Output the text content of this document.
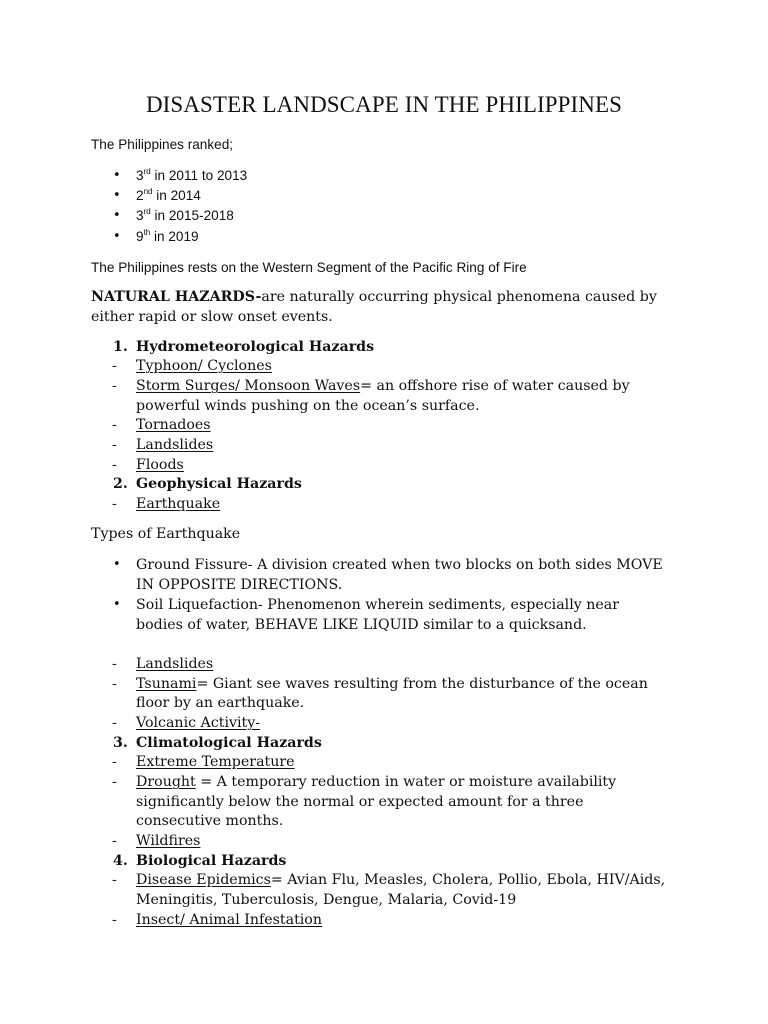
DISASTER LANDSCAPE IN THE PHILIPPINES
The Philippines ranked;
• 3rd in 2011 to 2013
• 2nd in 2014
• 3rd in 2015-2018
• 9th in 2019
The Philippines rests on the Western Segment of the Pacific Ring of Fire
NATURAL HAZARDS-are naturally occurring physical phenomena caused by
either rapid or slow onset events.
1. Hydrometeorological Hazards
- Typhoon/ Cyclones
- Storm Surges/ Monsoon Waves= an offshore rise of water caused by
powerful winds pushing on the ocean’s surface.
- Tornadoes
- Landslides
- Floods
2. Geophysical Hazards
- Earthquake
Types of Earthquake
• Ground Fissure- A division created when two blocks on both sides MOVE
IN OPPOSITE DIRECTIONS.
• Soil Liquefaction- Phenomenon wherein sediments, especially near
bodies of water, BEHAVE LIKE LIQUID similar to a quicksand.
- Landslides
- Tsunami= Giant see waves resulting from the disturbance of the ocean
floor by an earthquake.
- Volcanic Activity-
3. Climatological Hazards
- Extreme Temperature
- Drought = A temporary reduction in water or moisture availability
significantly below the normal or expected amount for a three
consecutive months.
- Wildfires
4. Biological Hazards
- Disease Epidemics= Avian Flu, Measles, Cholera, Pollio, Ebola, HIV/Aids,
Meningitis, Tuberculosis, Dengue, Malaria, Covid-19
- Insect/ Animal Infestation
